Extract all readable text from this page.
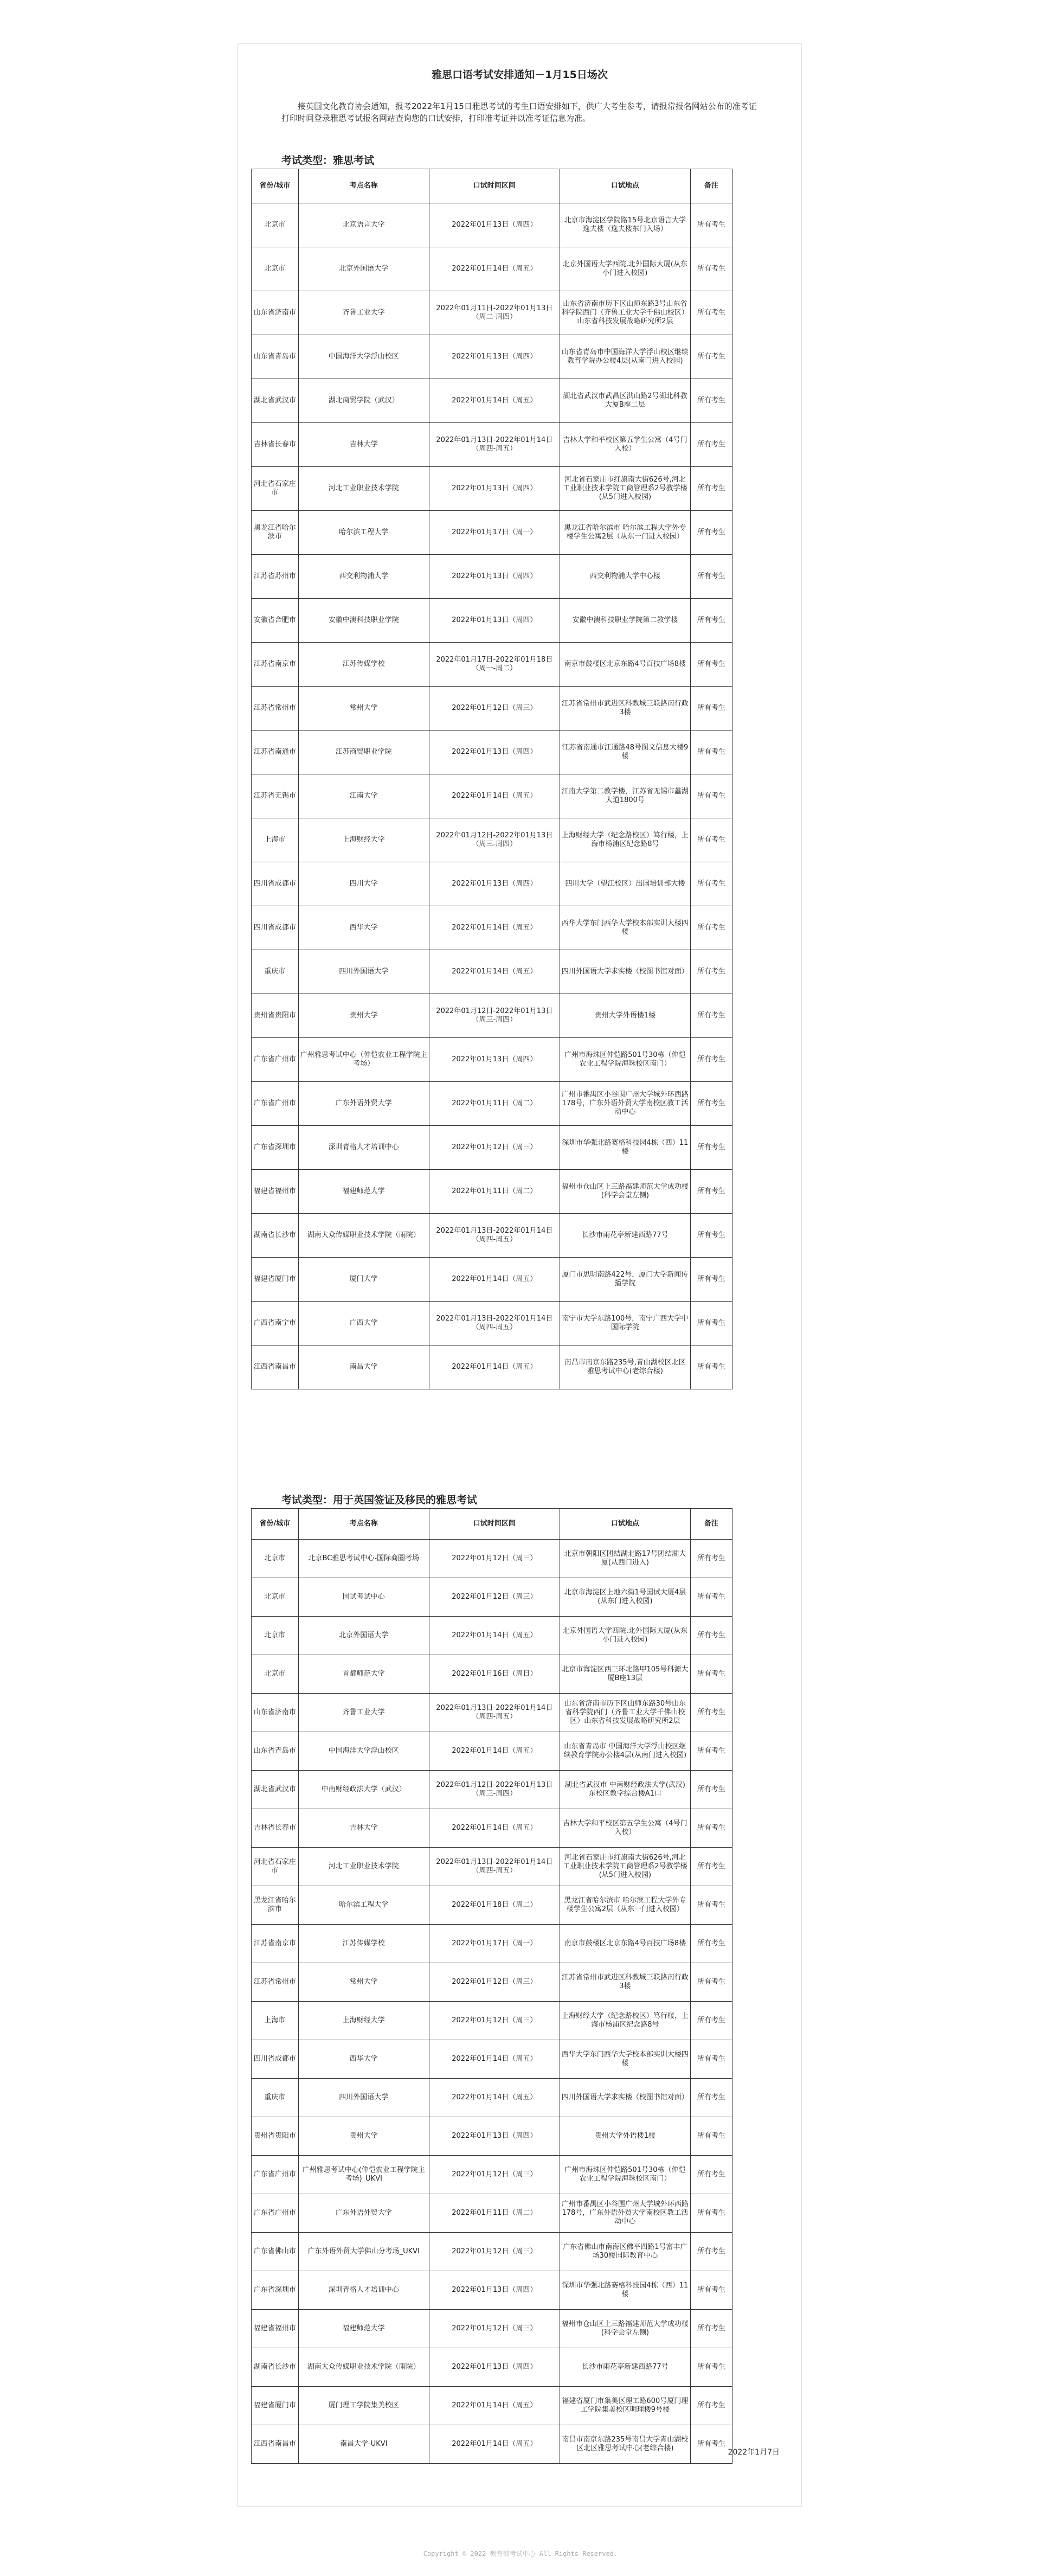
雅思口语考试安排通知－1月15日场次
接英国文化教育协会通知，报考2022年1月15日雅思考试的考生口语安排如下，供广大考生参考，请报常报名网站公布的准考证打印时间登录雅思考试报名网站查询您的口试安排，打印准考证并以准考证信息为准。
考试类型：雅思考试
省份/城市	考点名称	口试时间区间	口试地点	备注
北京市	北京语言大学	2022年01月13日（周四）	北京市海淀区学院路15号北京语言大学逸夫楼（逸夫楼东门入场）	所有考生
北京市	北京外国语大学	2022年01月14日（周五）	北京外国语大学西院,北外国际大厦(从东小门进入校园)	所有考生
山东省济南市	齐鲁工业大学	2022年01月11日-2022年01月13日（周二-周四）	山东省济南市历下区山师东路3号山东省科学院西门（齐鲁工业大学千佛山校区）山东省科技发展战略研究所2层	所有考生
山东省青岛市	中国海洋大学浮山校区	2022年01月13日（周四）	山东省青岛市中国海洋大学浮山校区继续教育学院办公楼4层(从南门进入校园)	所有考生
湖北省武汉市	湖北商贸学院（武汉）	2022年01月14日（周五）	湖北省武汉市武昌区洪山路2号湖北科教大厦B座二层	所有考生
吉林省长春市	吉林大学	2022年01月13日-2022年01月14日（周四-周五）	吉林大学和平校区第五学生公寓（4号门入校）	所有考生
河北省石家庄市	河北工业职业技术学院	2022年01月13日（周四）	河北省石家庄市红旗南大街626号,河北工业职业技术学院工商管理系2号教学楼(从5门进入校园)	所有考生
黑龙江省哈尔滨市	哈尔滨工程大学	2022年01月17日（周一）	黑龙江省哈尔滨市 哈尔滨工程大学外专楼学生公寓2层（从东一门进入校园）	所有考生
江苏省苏州市	西交利物浦大学	2022年01月13日（周四）	西交利物浦大学中心楼	所有考生
安徽省合肥市	安徽中澳科技职业学院	2022年01月13日（周四）	安徽中澳科技职业学院第二教学楼	所有考生
江苏省南京市	江苏传媒学校	2022年01月17日-2022年01月18日（周一-周二）	南京市鼓楼区北京东路4号百技广场8楼	所有考生
江苏省常州市	常州大学	2022年01月12日（周三）	江苏省常州市武进区科教城三联路南行政3楼	所有考生
江苏省南通市	江苏商贸职业学院	2022年01月13日（周四）	江苏省南通市江通路48号图文信息大楼9楼	所有考生
江苏省无锡市	江南大学	2022年01月14日（周五）	江南大学第二教学楼，江苏省无锡市蠡湖大道1800号	所有考生
上海市	上海财经大学	2022年01月12日-2022年01月13日（周三-周四）	上海财经大学（纪念路校区）笃行楼，上海市杨浦区纪念路8号	所有考生
四川省成都市	四川大学	2022年01月13日（周四）	四川大学（望江校区）出国培训部大楼	所有考生
四川省成都市	西华大学	2022年01月14日（周五）	西华大学东门西华大学校本部实训大楼四楼	所有考生
重庆市	四川外国语大学	2022年01月14日（周五）	四川外国语大学求实楼（校图书馆对面）	所有考生
贵州省贵阳市	贵州大学	2022年01月12日-2022年01月13日（周三-周四）	贵州大学外语楼1楼	所有考生
广东省广州市	广州雅思考试中心（仲恺农业工程学院主考场）	2022年01月13日（周四）	广州市海珠区仲恺路501号30栋（仲恺农业工程学院海珠校区南门）	所有考生
广东省广州市	广东外语外贸大学	2022年01月11日（周二）	广州市番禺区小谷围广州大学城外环西路178号，广东外语外贸大学南校区教工活动中心	所有考生
广东省深圳市	深圳青格人才培训中心	2022年01月12日（周三）	深圳市华强北路赛格科技园4栋（西）11楼	所有考生
福建省福州市	福建师范大学	2022年01月11日（周二）	福州市仓山区上三路福建师范大学成功楼(科学会堂左侧)	所有考生
湖南省长沙市	湖南大众传媒职业技术学院（雨院）	2022年01月13日-2022年01月14日（周四-周五）	长沙市雨花亭新建西路77号	所有考生
福建省厦门市	厦门大学	2022年01月14日（周五）	厦门市思明南路422号，厦门大学新闻传播学院	所有考生
广西省南宁市	广西大学	2022年01月13日-2022年01月14日（周四-周五）	南宁市大学东路100号，南宁广西大学中国际学院	所有考生
江西省南昌市	南昌大学	2022年01月14日（周五）	南昌市南京东路235号,青山湖校区北区雅思考试中心(老综合楼)	所有考生
考试类型：用于英国签证及移民的雅思考试
省份/城市	考点名称	口试时间区间	口试地点	备注
北京市	北京BC雅思考试中心-国际商圈考场	2022年01月12日（周三）	北京市朝阳区团结湖北路17号团结湖大厦(从西门进入)	所有考生
北京市	国试考试中心	2022年01月12日（周三）	北京市海淀区上地六街1号国试大厦4层(从东门进入校园)	所有考生
北京市	北京外国语大学	2022年01月14日（周五）	北京外国语大学西院,北外国际大厦(从东小门进入校园)	所有考生
北京市	首都师范大学	2022年01月16日（周日）	北京市海淀区西三环北路甲105号科源大厦B座13层	所有考生
山东省济南市	齐鲁工业大学	2022年01月13日-2022年01月14日（周四-周五）	山东省济南市历下区山师东路30号山东省科学院西门（齐鲁工业大学千佛山校区）山东省科技发展战略研究所2层	所有考生
山东省青岛市	中国海洋大学浮山校区	2022年01月14日（周五）	山东省青岛市 中国海洋大学浮山校区继续教育学院办公楼4层(从南门进入校园)	所有考生
湖北省武汉市	中南财经政法大学（武汉）	2022年01月12日-2022年01月13日（周三-周四）	湖北省武汉市 中南财经政法大学(武汉)东校区教学综合楼A1口	所有考生
吉林省长春市	吉林大学	2022年01月14日（周五）	吉林大学和平校区第五学生公寓（4号门入校）	所有考生
河北省石家庄市	河北工业职业技术学院	2022年01月13日-2022年01月14日（周四-周五）	河北省石家庄市红旗南大街626号,河北工业职业技术学院工商管理系2号教学楼(从5门进入校园)	所有考生
黑龙江省哈尔滨市	哈尔滨工程大学	2022年01月18日（周二）	黑龙江省哈尔滨市 哈尔滨工程大学外专楼学生公寓2层（从东一门进入校园）	所有考生
江苏省南京市	江苏传媒学校	2022年01月17日（周一）	南京市鼓楼区北京东路4号百技广场8楼	所有考生
江苏省常州市	常州大学	2022年01月12日（周三）	江苏省常州市武进区科教城三联路南行政3楼	所有考生
上海市	上海财经大学	2022年01月12日（周三）	上海财经大学（纪念路校区）笃行楼，上海市杨浦区纪念路8号	所有考生
四川省成都市	西华大学	2022年01月14日（周五）	西华大学东门西华大学校本部实训大楼四楼	所有考生
重庆市	四川外国语大学	2022年01月14日（周五）	四川外国语大学求实楼（校图书馆对面）	所有考生
贵州省贵阳市	贵州大学	2022年01月13日（周四）	贵州大学外语楼1楼	所有考生
广东省广州市	广州雅思考试中心(仲恺农业工程学院主考场)_UKVI	2022年01月12日（周三）	广州市海珠区仲恺路501号30栋（仲恺农业工程学院海珠校区南门）	所有考生
广东省广州市	广东外语外贸大学	2022年01月11日（周二）	广州市番禺区小谷围广州大学城外环西路178号，广东外语外贸大学南校区教工活动中心	所有考生
广东省佛山市	广东外语外贸大学佛山分考场_UKVI	2022年01月12日（周三）	广东省佛山市南海区佛平四路1号富丰广场30楼国际教育中心	所有考生
广东省深圳市	深圳青格人才培训中心	2022年01月13日（周四）	深圳市华强北路赛格科技园4栋（西）11楼	所有考生
福建省福州市	福建师范大学	2022年01月12日（周三）	福州市仓山区上三路福建师范大学成功楼(科学会堂左侧)	所有考生
湖南省长沙市	湖南大众传媒职业技术学院（雨院）	2022年01月13日（周四）	长沙市雨花亭新建西路77号	所有考生
福建省厦门市	厦门理工学院集美校区	2022年01月14日（周五）	福建省厦门市集美区理工路600号厦门理工学院集美校区明理楼9号楼	所有考生
江西省南昌市	南昌大学-UKVI	2022年01月14日（周五）	南昌市南京东路235号南昌大学青山湖校区北区雅思考试中心(老综合楼)	所有考生
2022年1月7日
Copyright © 2022 教育部考试中心 All Rights Reserved.
